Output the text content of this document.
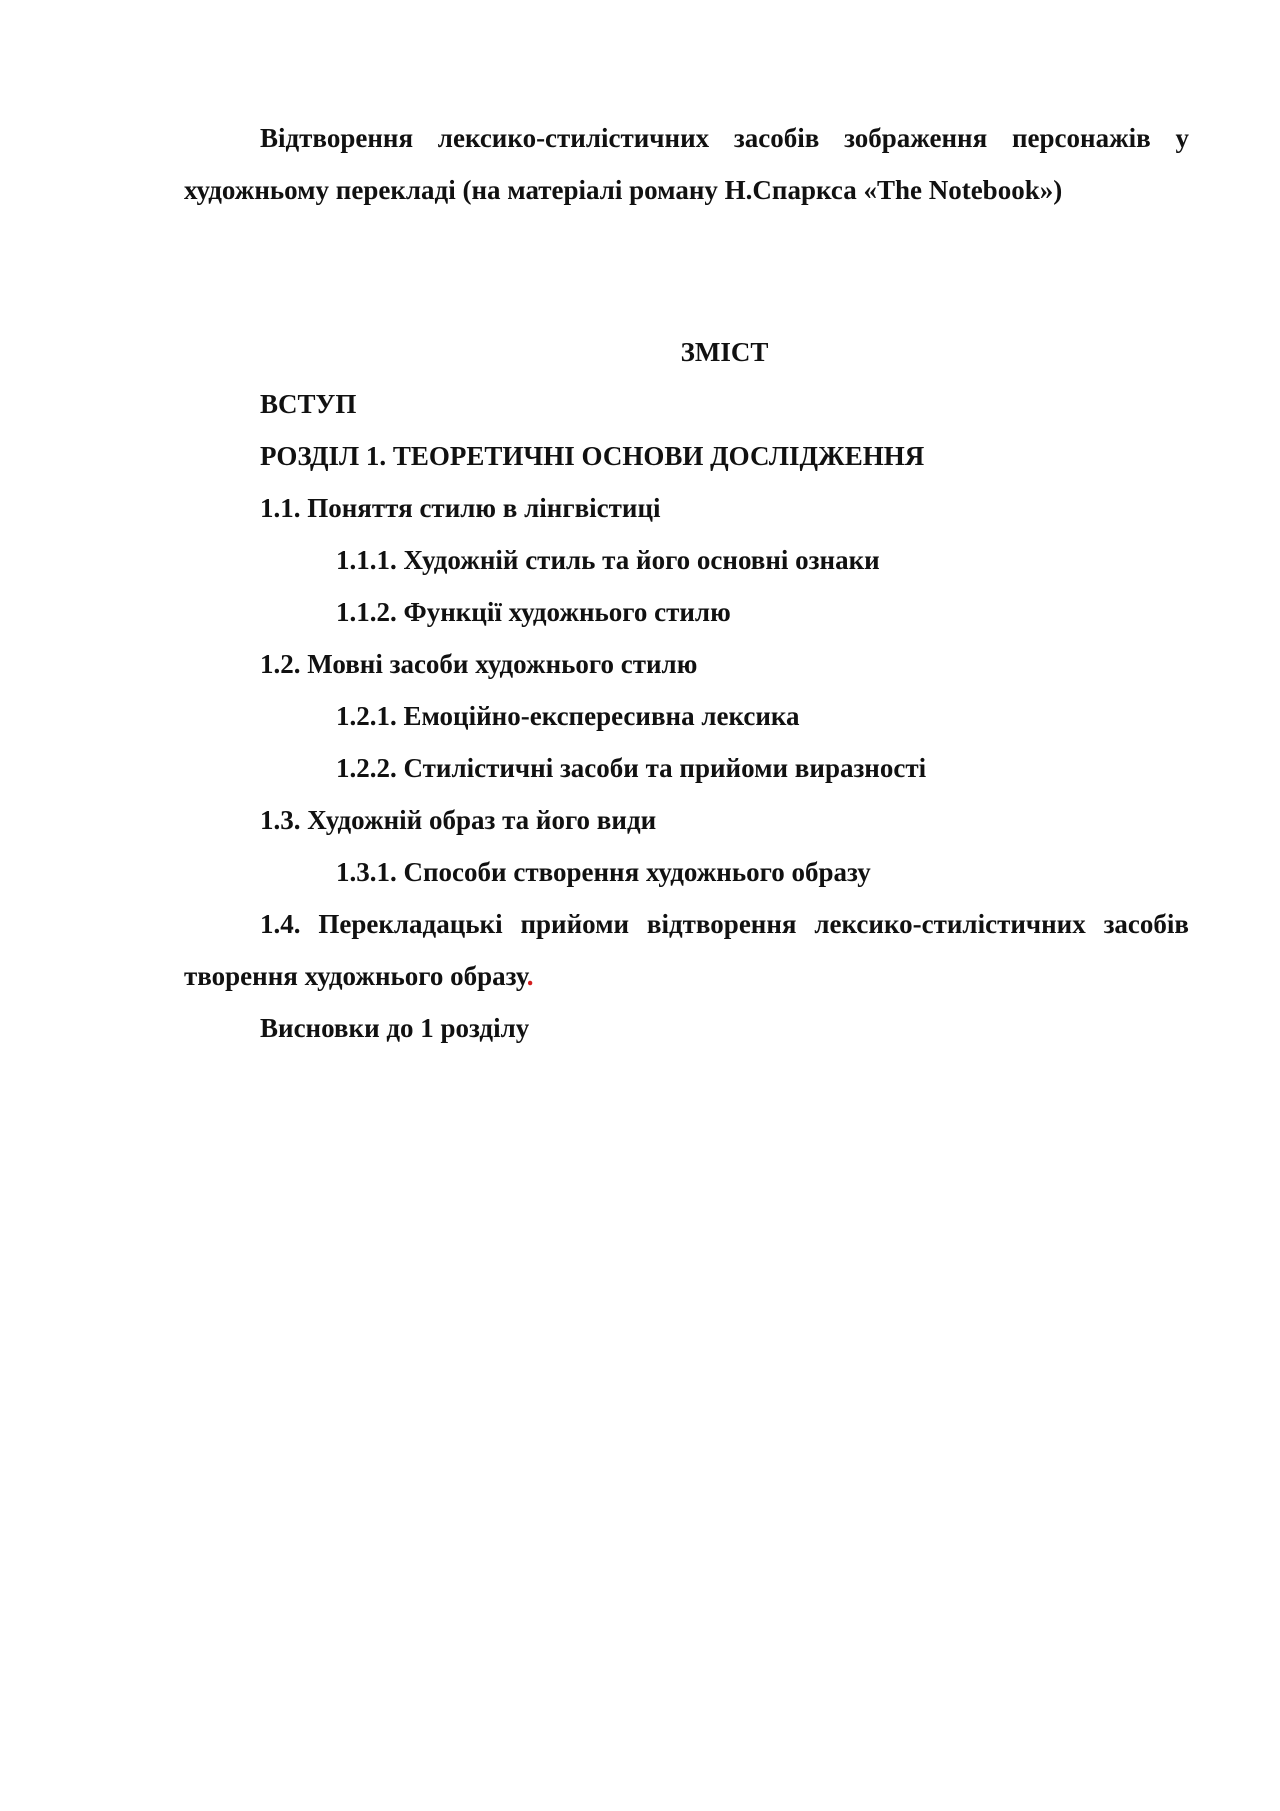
Відтворення лексико-стилістичних засобів зображення персонажів у художньому перекладі (на матеріалі роману Н.Спаркса «The Notebook»)

ЗМІСТ

ВСТУП
РОЗДІЛ 1. ТЕОРЕТИЧНІ ОСНОВИ ДОСЛІДЖЕННЯ
1.1. Поняття стилю в лінгвістиці
1.1.1. Художній стиль та його основні ознаки
1.1.2. Функції художнього стилю
1.2. Мовні засоби художнього стилю
1.2.1. Емоційно-експересивна лексика
1.2.2. Стилістичні засоби та прийоми виразності
1.3. Художній образ та його види
1.3.1. Способи створення художнього образу
1.4. Перекладацькі прийоми відтворення лексико-стилістичних засобів творення художнього образу.
Висновки до 1 розділу
